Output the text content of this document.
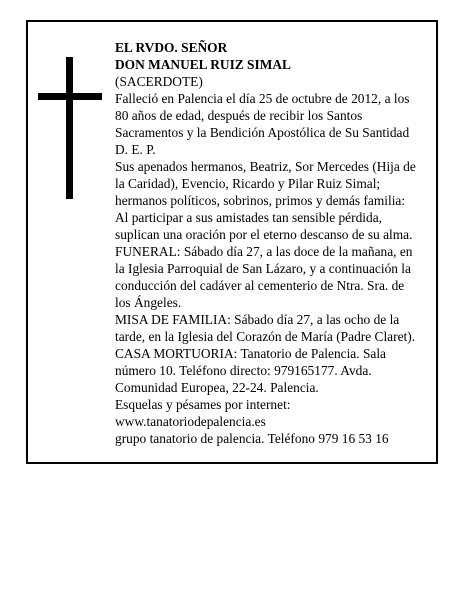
EL RVDO. SEÑOR

DON MANUEL RUIZ SIMAL

(SACERDOTE)

Falleció en Palencia el día 25 de octubre de 2012, a los
80 años de edad, después de recibir los Santos
Sacramentos y la Bendición Apostólica de Su Santidad
D. E. P.

Sus apenados hermanos, Beatriz, Sor Mercedes (Hija de
la Caridad), Evencio, Ricardo y Pilar Ruiz Simal;
hermanos políticos, sobrinos, primos y demás familia:

Al participar a sus amistades tan sensible pérdida,
suplican una oración por el eterno descanso de su alma.

FUNERAL: Sábado día 27, a las doce de la mañana, en
la Iglesia Parroquial de San Lázaro, y a continuación la
conducción del cadáver al cementerio de Ntra. Sra. de
los Ángeles.

MISA DE FAMILIA: Sábado día 27, a las ocho de la
tarde, en la Iglesia del Corazón de María (Padre Claret).

CASA MORTUORIA: Tanatorio de Palencia. Sala
número 10. Teléfono directo: 979165177. Avda.
Comunidad Europea, 22-24. Palencia.

Esquelas y pésames por internet:

www.tanatoriodepalencia.es

grupo tanatorio de palencia. Teléfono 979 16 53 16
